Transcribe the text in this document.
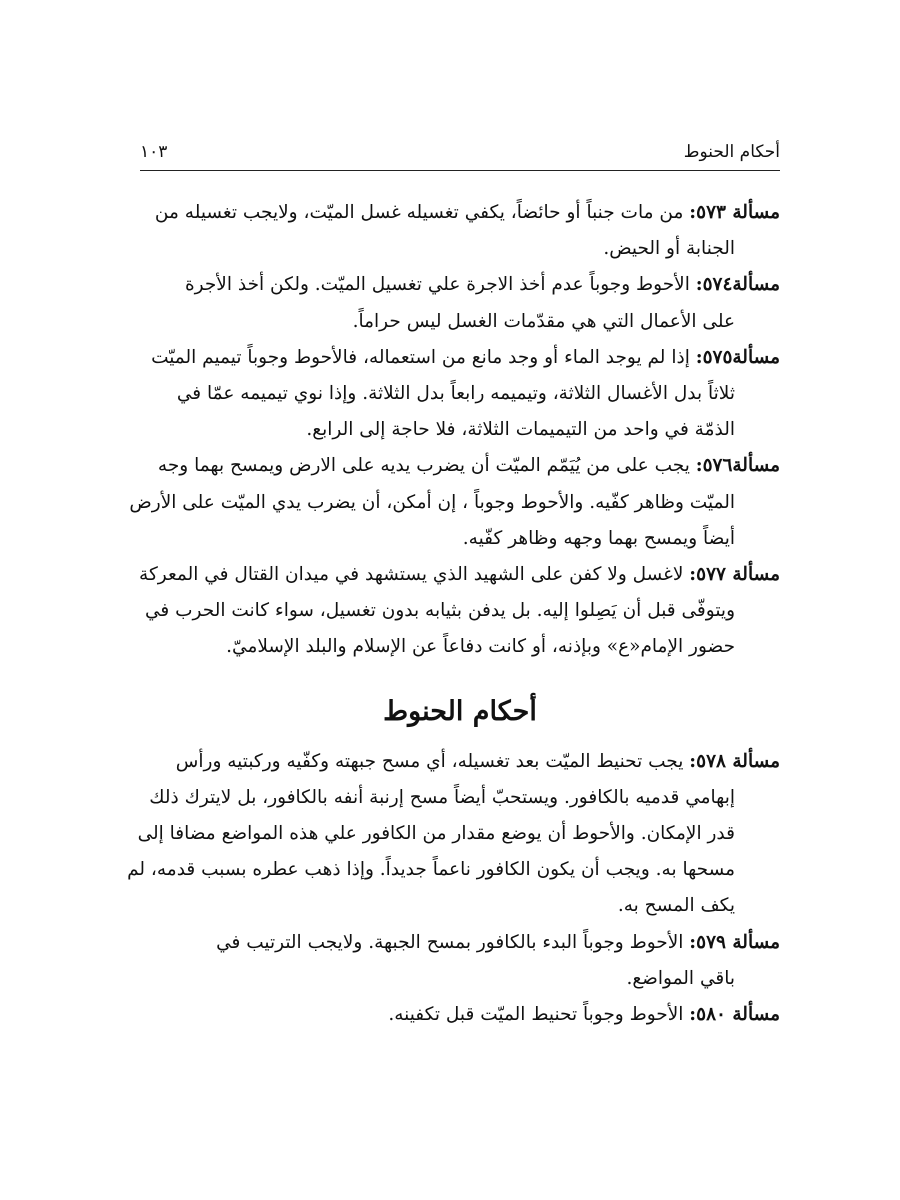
أحكام الحنوط
١٠٣
مسألة ٥٧٣: من مات جنباً أو حائضاً، يكفي تغسيله غسل الميّت، ولايجب تغسيله من
الجنابة أو الحيض.
مسألة٥٧٤: الأحوط وجوباً عدم أخذ الاجرة علي تغسيل الميّت. ولكن أخذ الأجرة
على الأعمال التي هي مقدّمات الغسل ليس حراماً.
مسألة٥٧٥: إذا لم يوجد الماء أو وجد مانع من استعماله، فالأحوط وجوباً تيميم الميّت
ثلاثاً بدل الأغسال الثلاثة، وتيميمه رابعاً بدل الثلاثة. وإذا نوي تيميمه عمّا في
الذمّة في واحد من التيميمات الثلاثة، فلا حاجة إلى الرابع.
مسألة٥٧٦: يجب على من يُيَمّم الميّت أن يضرب يديه على الارض ويمسح بهما وجه
الميّت وظاهر كفّيه. والأحوط وجوباً ، إن أمكن، أن يضرب يدي الميّت على الأرض
أيضاً ويمسح بهما وجهه وظاهر كفّيه.
مسألة ٥٧٧: لاغسل ولا كفن على الشهيد الذي يستشهد في ميدان القتال في المعركة
ويتوفّى قبل أن يَصِلوا إليه. بل يدفن بثيابه بدون تغسيل، سواء كانت الحرب في
حضور الإمام«ع» وبإذنه، أو كانت دفاعاً عن الإسلام والبلد الإسلاميّ.
أحكام الحنوط
مسألة ٥٧٨: يجب تحنيط الميّت بعد تغسيله، أي مسح جبهته وكفّيه وركبتيه ورأس
إبهامي قدميه بالكافور. ويستحبّ أيضاً مسح إرنبة أنفه بالكافور، بل لايترك ذلك
قدر الإمكان. والأحوط أن يوضع مقدار من الكافور علي هذه المواضع مضافا إلى
مسحها به. ويجب أن يكون الكافور ناعماً جديداً. وإذا ذهب عطره بسبب قدمه، لم
يكف المسح به.
مسألة ٥٧٩: الأحوط وجوباً البدء بالكافور بمسح الجبهة. ولايجب الترتيب في
باقي المواضع.
مسألة ٥٨٠: الأحوط وجوباً تحنيط الميّت قبل تكفينه.
